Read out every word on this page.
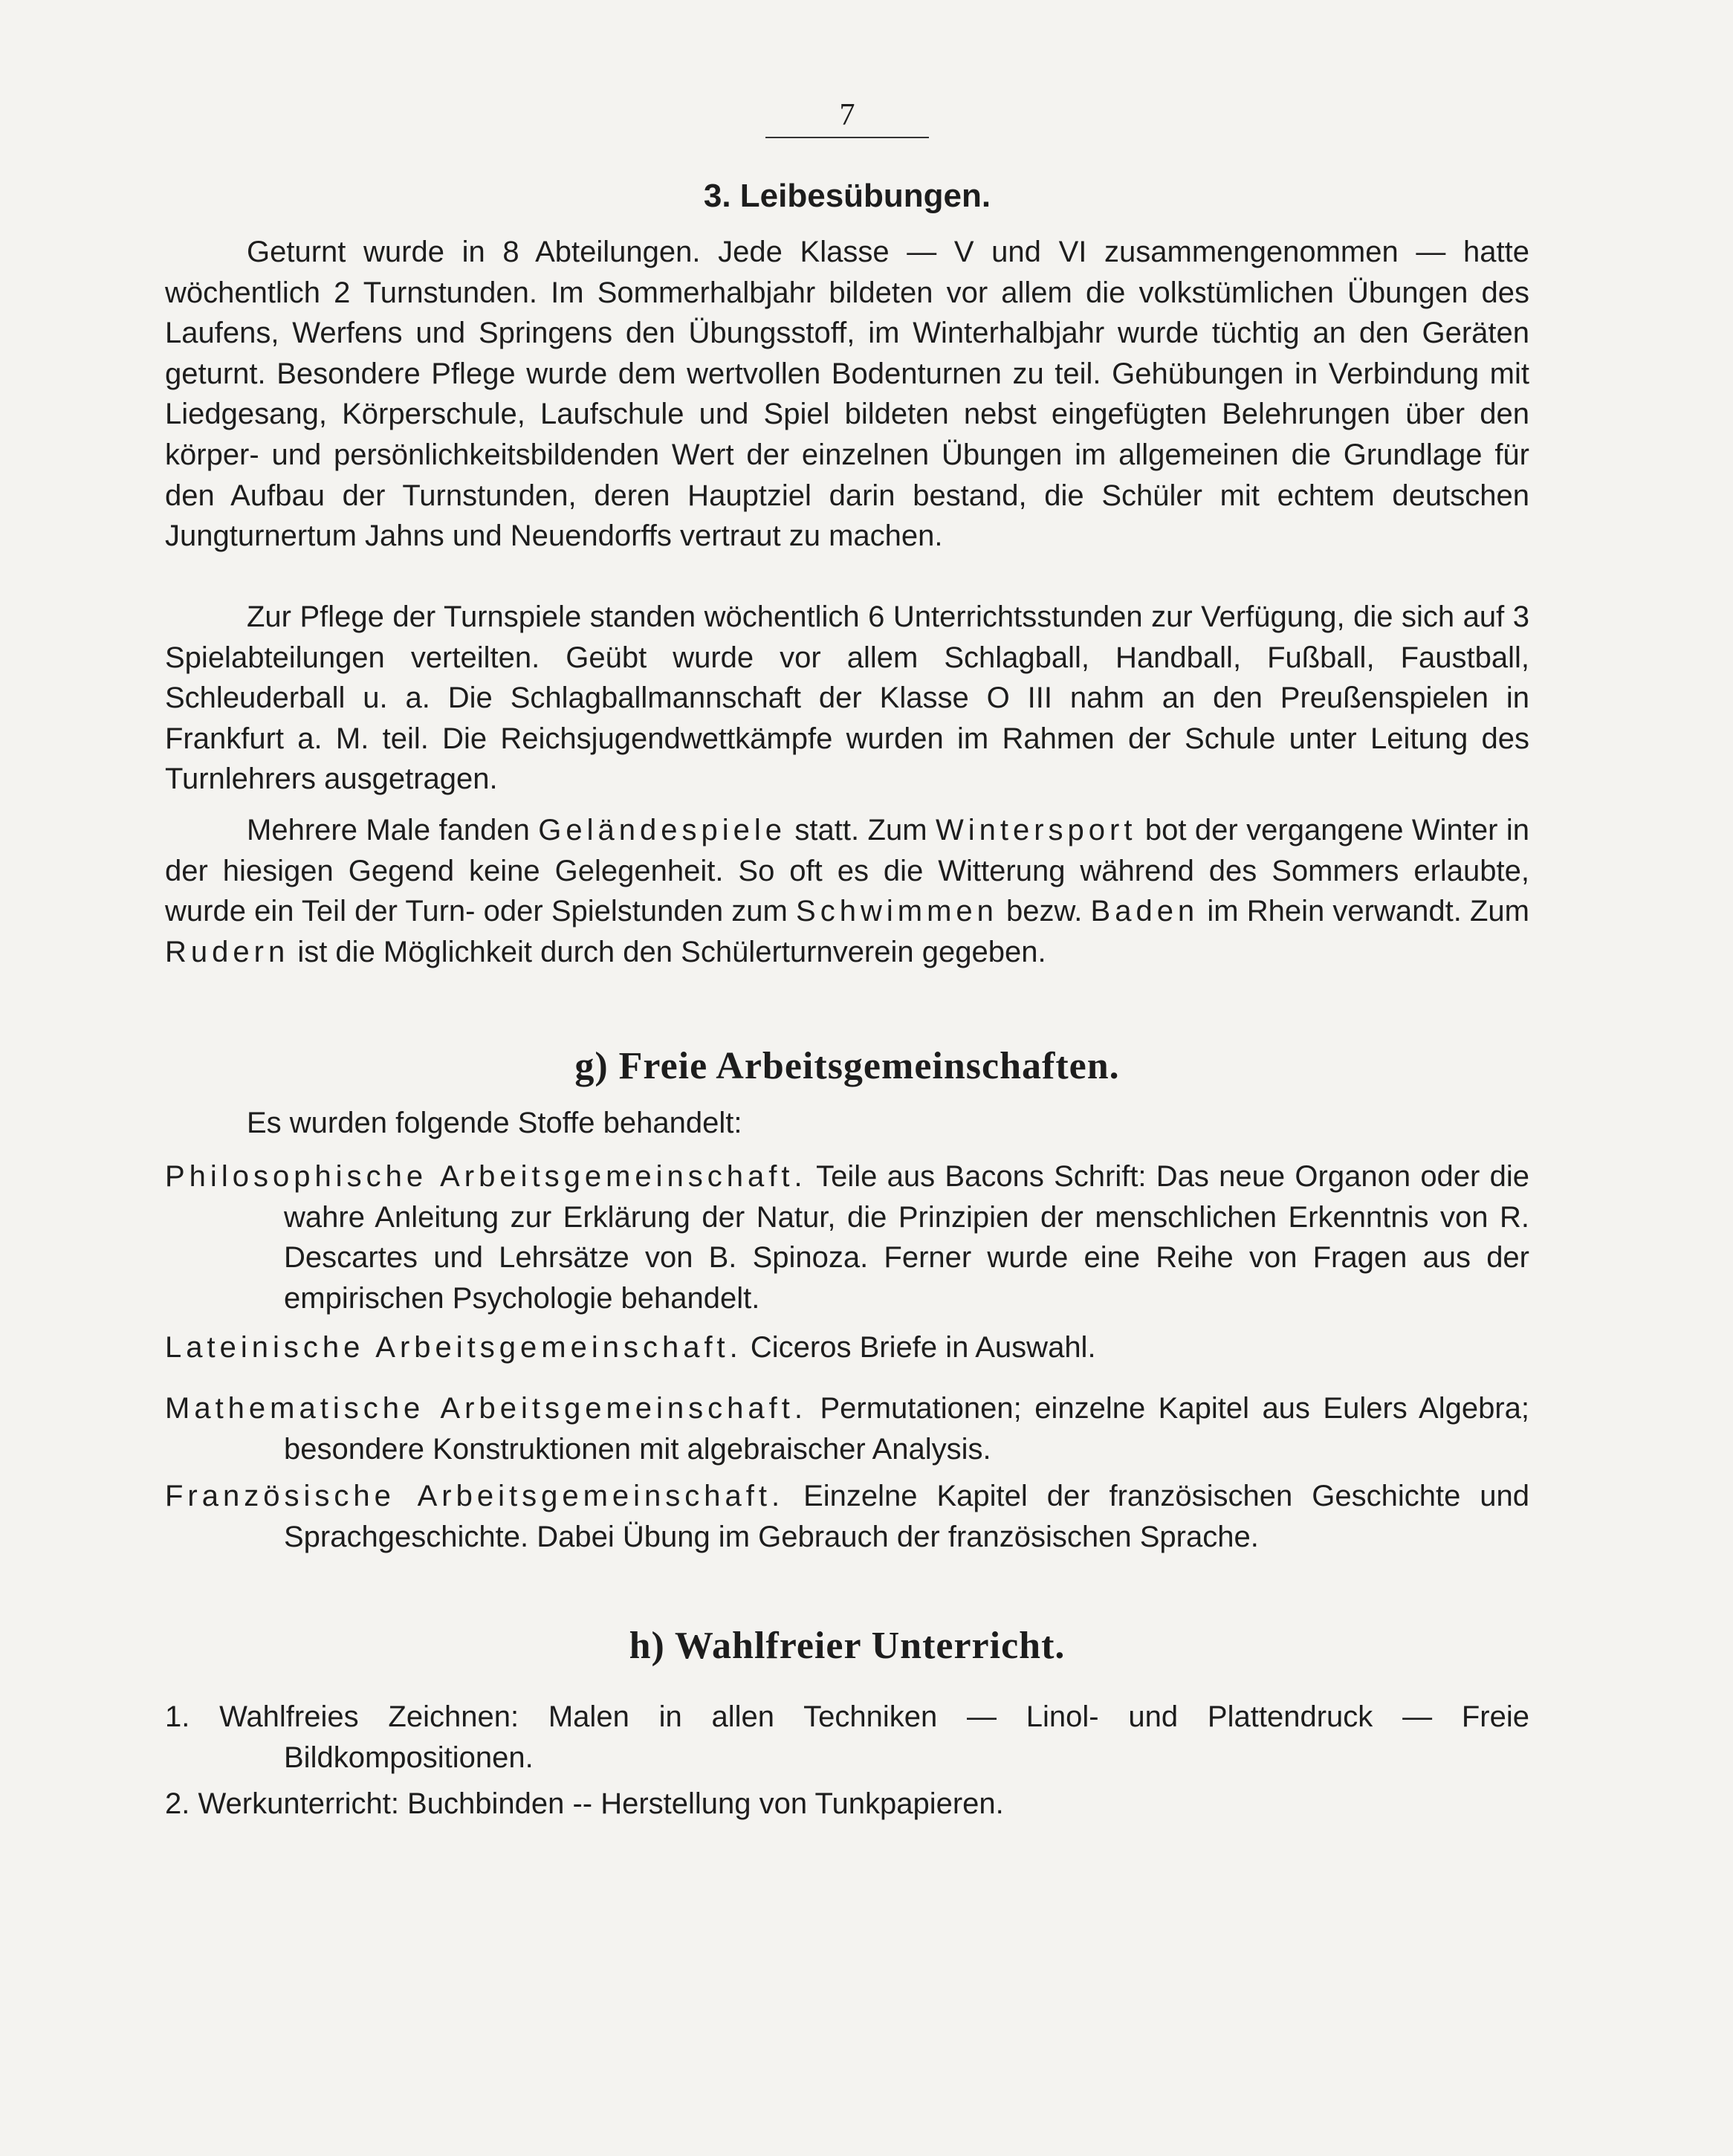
7
3. Leibesübungen.

Geturnt wurde in 8 Abteilungen. Jede Klasse — V und VI zusammengenommen — hatte wöchentlich 2 Turnstunden. Im Sommerhalbjahr bildeten vor allem die volkstümlichen Übungen des Laufens, Werfens und Springens den Übungsstoff, im Winterhalbjahr wurde tüchtig an den Geräten geturnt. Besondere Pflege wurde dem wertvollen Bodenturnen zu teil. Gehübungen in Verbindung mit Liedgesang, Körperschule, Laufschule und Spiel bildeten nebst eingefügten Belehrungen über den körper- und persönlichkeitsbildenden Wert der einzelnen Übungen im allgemeinen die Grundlage für den Aufbau der Turnstunden, deren Hauptziel darin bestand, die Schüler mit echtem deutschen Jungturnertum Jahns und Neuendorffs vertraut zu machen.

Zur Pflege der Turnspiele standen wöchentlich 6 Unterrichtsstunden zur Verfügung, die sich auf 3 Spielabteilungen verteilten. Geübt wurde vor allem Schlagball, Handball, Fußball, Faustball, Schleuderball u. a. Die Schlagballmannschaft der Klasse O III nahm an den Preußenspielen in Frankfurt a. M. teil. Die Reichsjugendwettkämpfe wurden im Rahmen der Schule unter Leitung des Turnlehrers ausgetragen.

Mehrere Male fanden Geländespiele statt. Zum Wintersport bot der vergangene Winter in der hiesigen Gegend keine Gelegenheit. So oft es die Witterung während des Sommers erlaubte, wurde ein Teil der Turn- oder Spielstunden zum Schwimmen bezw. Baden im Rhein verwandt. Zum Rudern ist die Möglichkeit durch den Schülerturnverein gegeben.

g) Freie Arbeitsgemeinschaften.

Es wurden folgende Stoffe behandelt:

Philosophische Arbeitsgemeinschaft. Teile aus Bacons Schrift: Das neue Organon oder die wahre Anleitung zur Erklärung der Natur, die Prinzipien der menschlichen Erkenntnis von R. Descartes und Lehrsätze von B. Spinoza. Ferner wurde eine Reihe von Fragen aus der empirischen Psychologie behandelt.

Lateinische Arbeitsgemeinschaft. Ciceros Briefe in Auswahl.

Mathematische Arbeitsgemeinschaft. Permutationen; einzelne Kapitel aus Eulers Algebra; besondere Konstruktionen mit algebraischer Analysis.

Französische Arbeitsgemeinschaft. Einzelne Kapitel der französischen Geschichte und Sprachgeschichte. Dabei Übung im Gebrauch der französischen Sprache.

h) Wahlfreier Unterricht.

1. Wahlfreies Zeichnen: Malen in allen Techniken — Linol- und Plattendruck — Freie Bildkompositionen.

2. Werkunterricht: Buchbinden -- Herstellung von Tunkpapieren.
